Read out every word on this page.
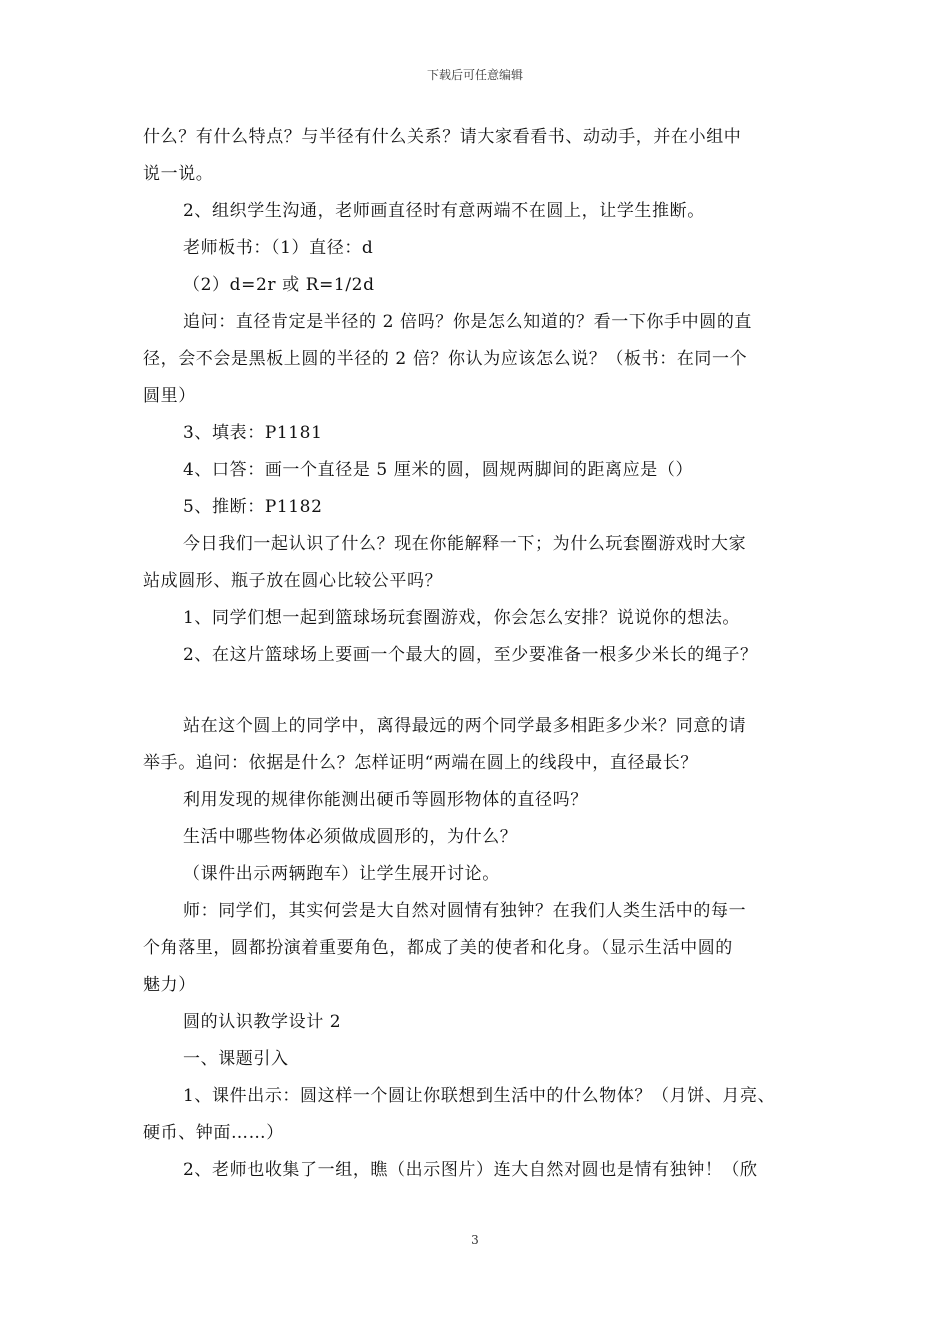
下载后可任意编辑
什么？有什么特点？与半径有什么关系？请大家看看书、动动手，并在小组中
说一说。
2、组织学生沟通，老师画直径时有意两端不在圆上，让学生推断。
老师板书：（1）直径：d
（2）d=2r 或 R=1/2d
追问：直径肯定是半径的 2 倍吗？你是怎么知道的？看一下你手中圆的直
径，会不会是黑板上圆的半径的 2 倍？你认为应该怎么说？（板书：在同一个
圆里）
3、填表：P1181
4、口答：画一个直径是 5 厘米的圆，圆规两脚间的距离应是（）
5、推断：P1182
今日我们一起认识了什么？现在你能解释一下；为什么玩套圈游戏时大家
站成圆形、瓶子放在圆心比较公平吗？
1、同学们想一起到篮球场玩套圈游戏，你会怎么安排？说说你的想法。
2、在这片篮球场上要画一个最大的圆，至少要准备一根多少米长的绳子？
站在这个圆上的同学中，离得最远的两个同学最多相距多少米？同意的请
举手。追问：依据是什么？怎样证明“两端在圆上的线段中，直径最长？
利用发现的规律你能测出硬币等圆形物体的直径吗？
生活中哪些物体必须做成圆形的，为什么？
（课件出示两辆跑车）让学生展开讨论。
师：同学们，其实何尝是大自然对圆情有独钟？在我们人类生活中的每一
个角落里，圆都扮演着重要角色，都成了美的使者和化身。（显示生活中圆的
魅力）
圆的认识教学设计 2
一、课题引入
1、课件出示：圆这样一个圆让你联想到生活中的什么物体？（月饼、月亮、
硬币、钟面……）
2、老师也收集了一组，瞧（出示图片）连大自然对圆也是情有独钟！（欣
3
